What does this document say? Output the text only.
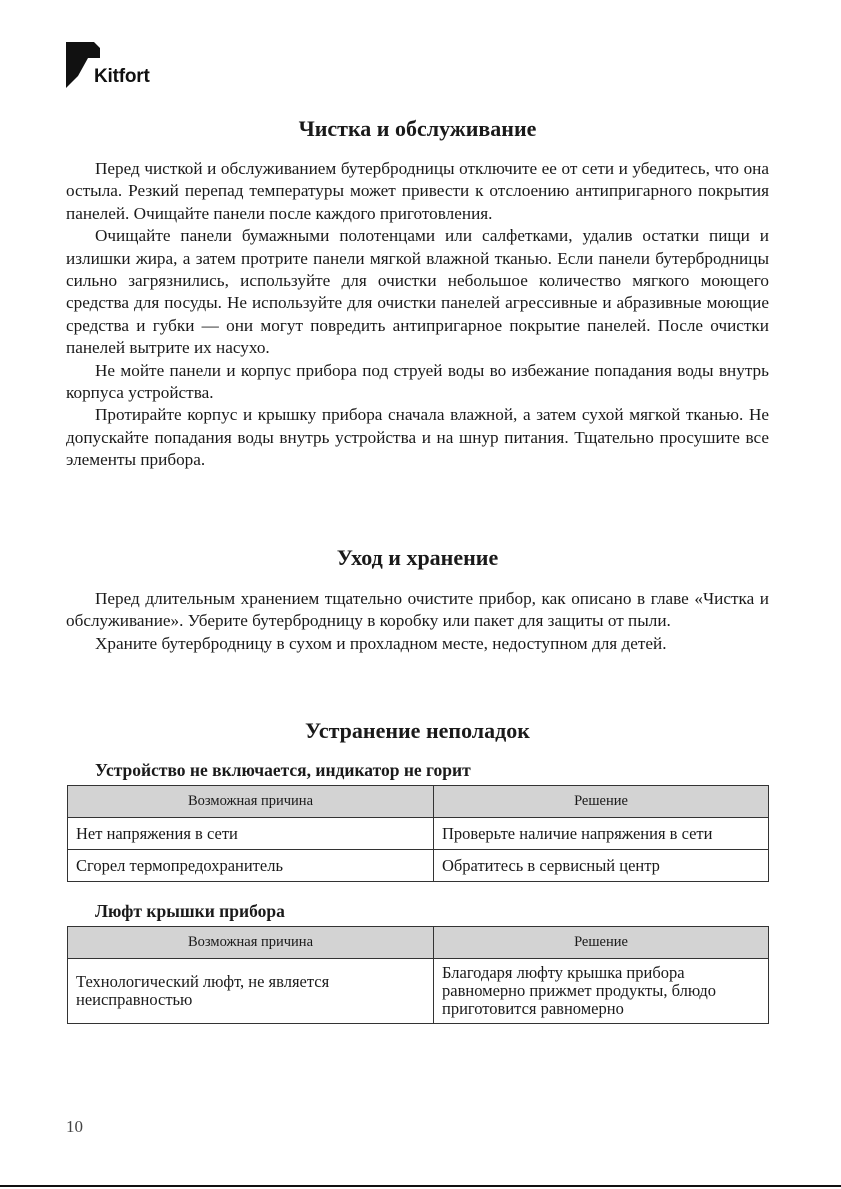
Kitfort
Чистка и обслуживание

Перед чисткой и обслуживанием бутербродницы отключите ее от сети и убедитесь, что она остыла. Резкий перепад температуры может привести к отслоению антипригарного покрытия панелей. Очищайте панели после каждого приготовления.

Очищайте панели бумажными полотенцами или салфетками, удалив остатки пищи и излишки жира, а затем протрите панели мягкой влажной тканью. Если панели бутербродницы сильно загрязнились, используйте для очистки небольшое количество мягкого моющего средства для посуды. Не используйте для очистки панелей агрессивные и абразивные моющие средства и губки — они могут повредить антипригарное покрытие панелей. После очистки панелей вытрите их насухо.

Не мойте панели и корпус прибора под струей воды во избежание попадания воды внутрь корпуса устройства.

Протирайте корпус и крышку прибора сначала влажной, а затем сухой мягкой тканью. Не допускайте попадания воды внутрь устройства и на шнур питания. Тщательно просушите все элементы прибора.

Уход и хранение

Перед длительным хранением тщательно очистите прибор, как описано в главе «Чистка и обслуживание». Уберите бутербродницу в коробку или пакет для защиты от пыли.

Храните бутербродницу в сухом и прохладном месте, недоступном для детей.

Устранение неполадок

Устройство не включается, индикатор не горит

Возможная причина	Решение
Нет напряжения в сети	Проверьте наличие напряжения в сети
Сгорел термопредохранитель	Обратитесь в сервисный центр

Люфт крышки прибора

Возможная причина	Решение
Технологический люфт, не является неисправностью	Благодаря люфту крышка прибора равномерно прижмет продукты, блюдо приготовится равномерно
10
